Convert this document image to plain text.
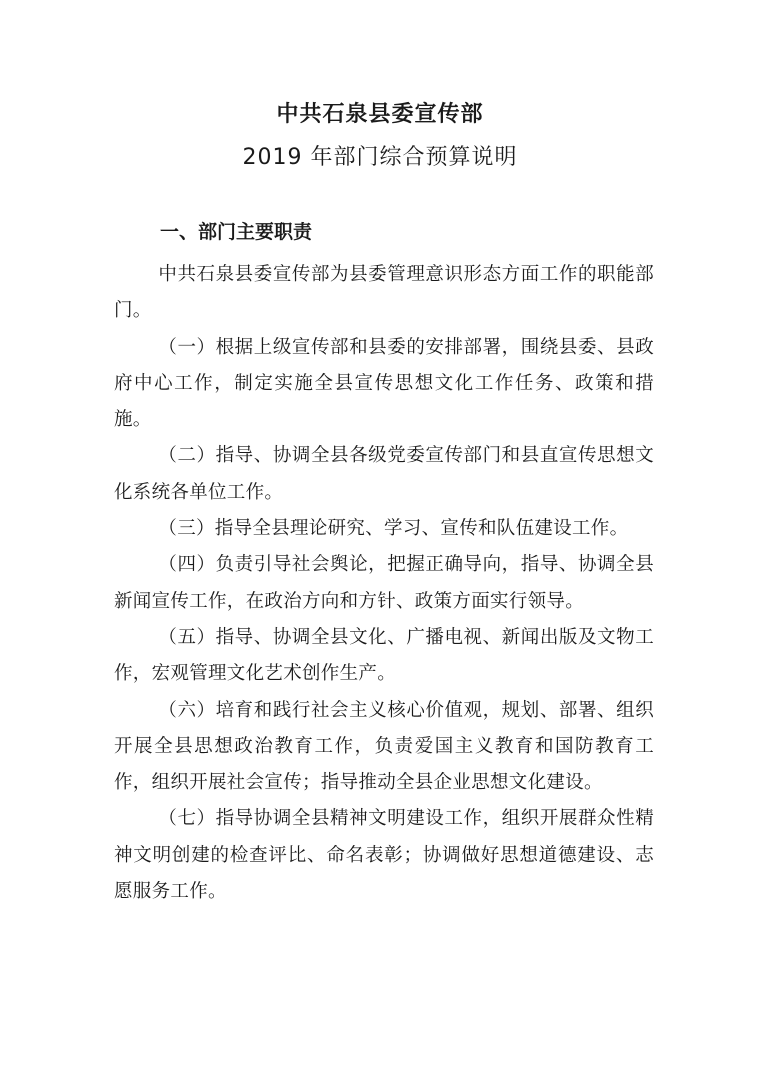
中共石泉县委宣传部
2019 年部门综合预算说明
一、部门主要职责

中共石泉县委宣传部为县委管理意识形态方面工作的职能部门。

（一）根据上级宣传部和县委的安排部署，围绕县委、县政府中心工作，制定实施全县宣传思想文化工作任务、政策和措施。

（二）指导、协调全县各级党委宣传部门和县直宣传思想文化系统各单位工作。

（三）指导全县理论研究、学习、宣传和队伍建设工作。

（四）负责引导社会舆论，把握正确导向，指导、协调全县新闻宣传工作，在政治方向和方针、政策方面实行领导。

（五）指导、协调全县文化、广播电视、新闻出版及文物工作，宏观管理文化艺术创作生产。

（六）培育和践行社会主义核心价值观，规划、部署、组织开展全县思想政治教育工作，负责爱国主义教育和国防教育工作，组织开展社会宣传；指导推动全县企业思想文化建设。

（七）指导协调全县精神文明建设工作，组织开展群众性精神文明创建的检查评比、命名表彰；协调做好思想道德建设、志愿服务工作。
